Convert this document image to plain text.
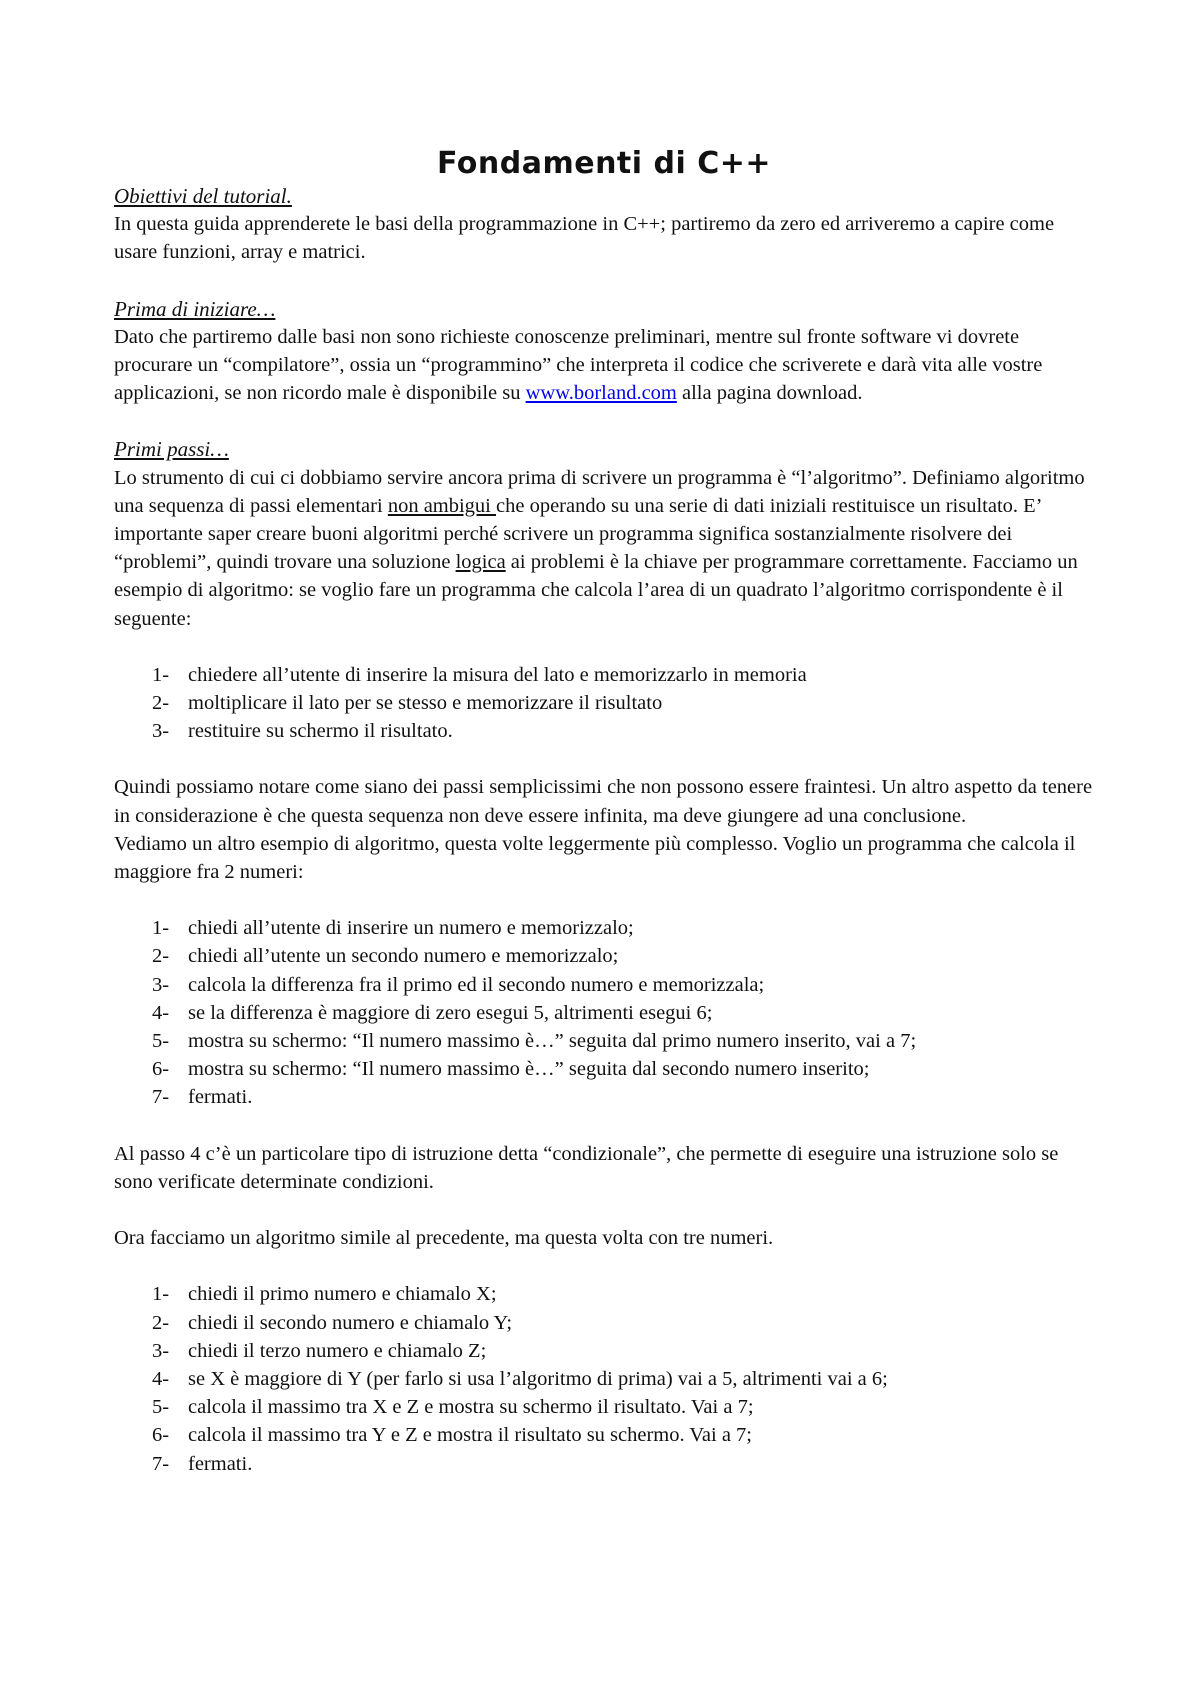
Fondamenti di C++

Obiettivi del tutorial.

In questa guida apprenderete le basi della programmazione in C++; partiremo da zero ed arriveremo a capire come usare funzioni, array e matrici.

Prima di iniziare…

Dato che partiremo dalle basi non sono richieste conoscenze preliminari, mentre sul fronte software vi dovrete procurare un “compilatore”, ossia un “programmino” che interpreta il codice che scriverete e darà vita alle vostre applicazioni, se non ricordo male è disponibile su www.borland.com alla pagina download.

Primi passi…

Lo strumento di cui ci dobbiamo servire ancora prima di scrivere un programma è “l’algoritmo”. Definiamo algoritmo una sequenza di passi elementari non ambigui che operando su una serie di dati iniziali restituisce un risultato. E’ importante saper creare buoni algoritmi perché scrivere un programma significa sostanzialmente risolvere dei “problemi”, quindi trovare una soluzione logica ai problemi è la chiave per programmare correttamente. Facciamo un esempio di algoritmo: se voglio fare un programma che calcola l’area di un quadrato l’algoritmo corrispondente è il seguente:

1- chiedere all’utente di inserire la misura del lato e memorizzarlo in memoria
2- moltiplicare il lato per se stesso e memorizzare il risultato
3- restituire su schermo il risultato.

Quindi possiamo notare come siano dei passi semplicissimi che non possono essere fraintesi. Un altro aspetto da tenere in considerazione è che questa sequenza non deve essere infinita, ma deve giungere ad una conclusione.

Vediamo un altro esempio di algoritmo, questa volte leggermente più complesso. Voglio un programma che calcola il maggiore fra 2 numeri:

1- chiedi all’utente di inserire un numero e memorizzalo;
2- chiedi all’utente un secondo numero e memorizzalo;
3- calcola la differenza fra il primo ed il secondo numero e memorizzala;
4- se la differenza è maggiore di zero esegui 5, altrimenti esegui 6;
5- mostra su schermo: “Il numero massimo è…” seguita dal primo numero inserito, vai a 7;
6- mostra su schermo: “Il numero massimo è…” seguita dal secondo numero inserito;
7- fermati.

Al passo 4 c’è un particolare tipo di istruzione detta “condizionale”, che permette di eseguire una istruzione solo se sono verificate determinate condizioni.

Ora facciamo un algoritmo simile al precedente, ma questa volta con tre numeri.

1- chiedi il primo numero e chiamalo X;
2- chiedi il secondo numero e chiamalo Y;
3- chiedi il terzo numero e chiamalo Z;
4- se X è maggiore di Y (per farlo si usa l’algoritmo di prima) vai a 5, altrimenti vai a 6;
5- calcola il massimo tra X e Z e mostra su schermo il risultato. Vai a 7;
6- calcola il massimo tra Y e Z e mostra il risultato su schermo. Vai a 7;
7- fermati.
